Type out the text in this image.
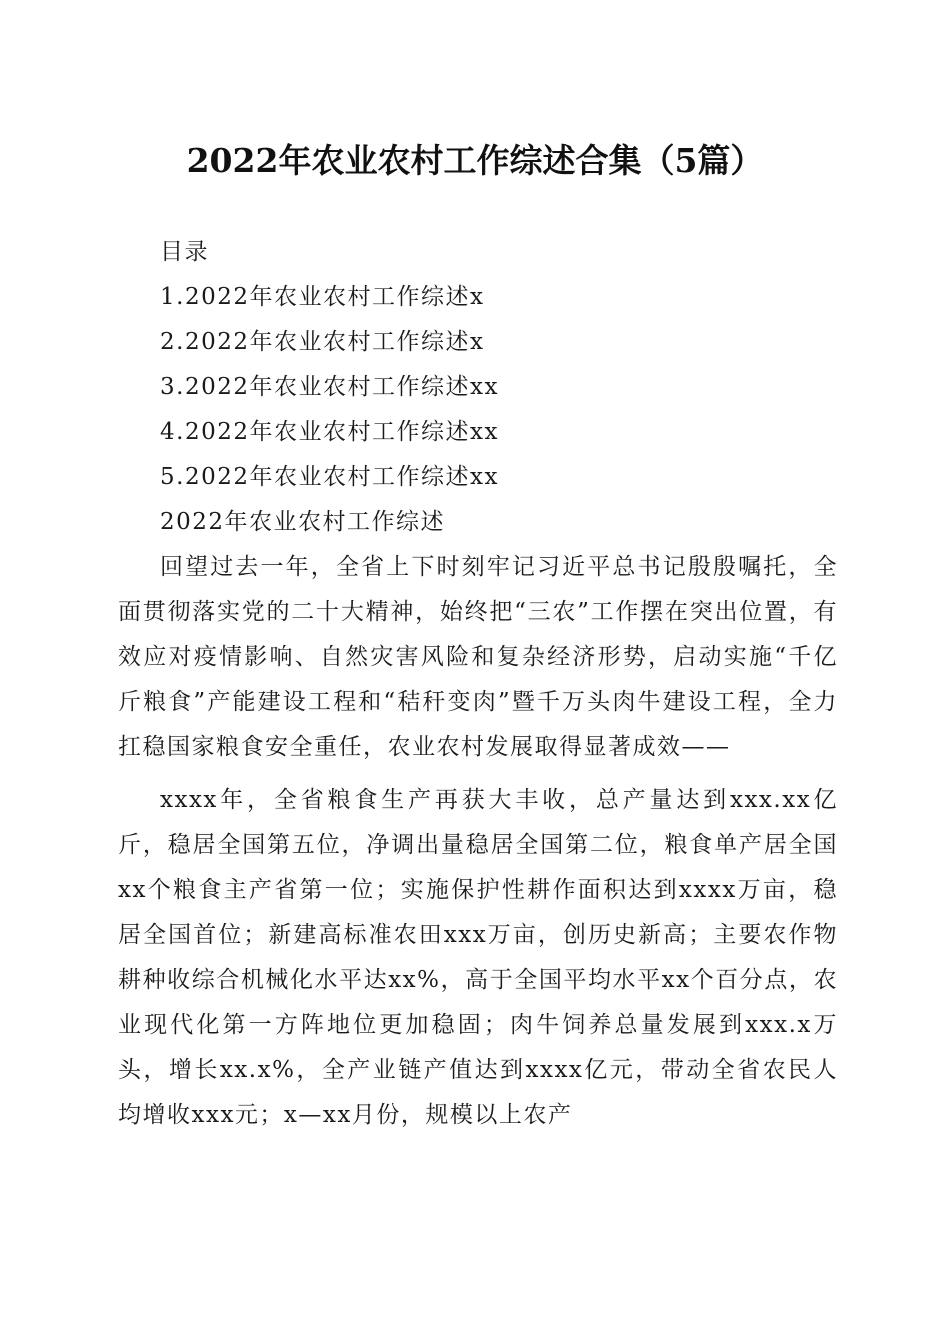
2022年农业农村工作综述合集（5篇）
目录
1.2022年农业农村工作综述x
2.2022年农业农村工作综述x
3.2022年农业农村工作综述xx
4.2022年农业农村工作综述xx
5.2022年农业农村工作综述xx
2022年农业农村工作综述

回望过去一年，全省上下时刻牢记习近平总书记殷殷嘱托，全面贯彻落实党的二十大精神，始终把“三农”工作摆在突出位置，有效应对疫情影响、自然灾害风险和复杂经济形势，启动实施“千亿斤粮食”产能建设工程和“秸秆变肉”暨千万头肉牛建设工程，全力扛稳国家粮食安全重任，农业农村发展取得显著成效——

xxxx年，全省粮食生产再获大丰收，总产量达到xxx.xx亿斤，稳居全国第五位，净调出量稳居全国第二位，粮食单产居全国xx个粮食主产省第一位；实施保护性耕作面积达到xxxx万亩，稳居全国首位；新建高标准农田xxx万亩，创历史新高；主要农作物耕种收综合机械化水平达xx%，高于全国平均水平xx个百分点，农业现代化第一方阵地位更加稳固；肉牛饲养总量发展到xxx.x万头，增长xx.x%，全产业链产值达到xxxx亿元，带动全省农民人均增收xxx元；x—xx月份，规模以上农产
